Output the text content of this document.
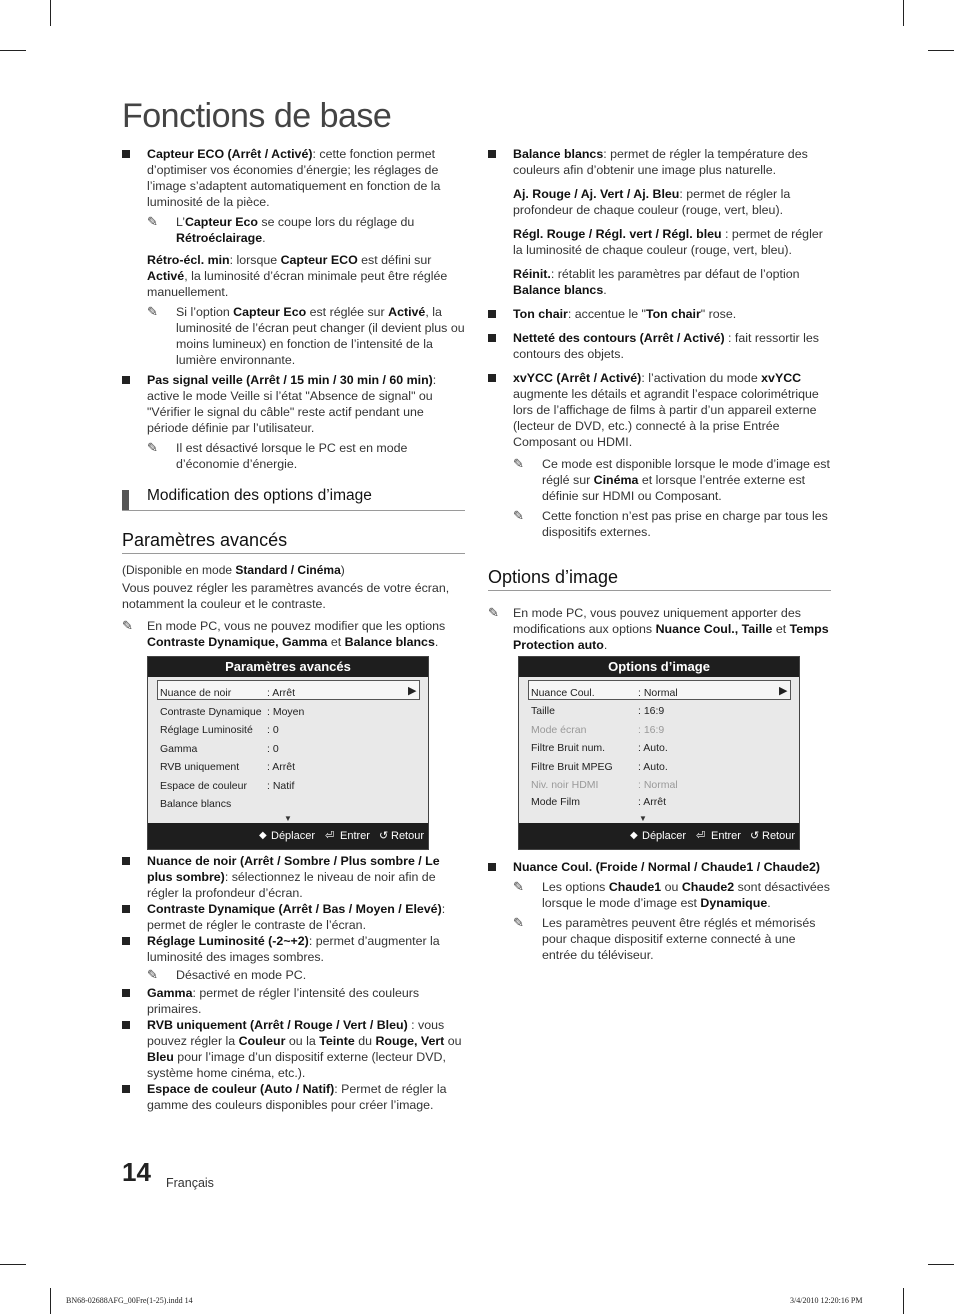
Fonctions de base
Capteur ECO (Arrêt / Activé): cette fonction permet d’optimiser vos économies d’énergie; les réglages de l’image s’adaptent automatiquement en fonction de la luminosité de la pièce.
✎ L’Capteur Eco se coupe lors du réglage du Rétroéclairage.

Rétro-écl. min: lorsque Capteur ECO est défini sur Activé, la luminosité d’écran minimale peut être réglée manuellement.

✎ Si l’option Capteur Eco est réglée sur Activé, la luminosité de l’écran peut changer (il devient plus ou moins lumineux) en fonction de l’intensité de la lumière environnante.
Pas signal veille (Arrêt / 15 min / 30 min / 60 min): active le mode Veille si l’état "Absence de signal" ou "Vérifier le signal du câble" reste actif pendant une période définie par l’utilisateur.
✎ Il est désactivé lorsque le PC est en mode d’économie d’énergie.
Modification des options d’image
Paramètres avancés

(Disponible en mode Standard / Cinéma)

Vous pouvez régler les paramètres avancés de votre écran, notamment la couleur et le contraste.

✎ En mode PC, vous ne pouvez modifier que les options Contraste Dynamique, Gamma et Balance blancs.
Paramètres avancés
Nuance de noir	: Arrêt	▶
Contraste Dynamique : Moyen
Réglage Luminosité : 0
Gamma	: 0
RVB uniquement	: Arrêt
Espace de couleur : Natif
Balance blancs
▼
◆ Déplacer ⏎ Entrer ↺ Retour
Nuance de noir (Arrêt / Sombre / Plus sombre / Le plus sombre): sélectionnez le niveau de noir afin de régler la profondeur d’écran.
Contraste Dynamique (Arrêt / Bas / Moyen / Elevé): permet de régler le contraste de l’écran.
Réglage Luminosité (-2~+2): permet d’augmenter la luminosité des images sombres.
✎ Désactivé en mode PC.
Gamma: permet de régler l’intensité des couleurs primaires.
RVB uniquement (Arrêt / Rouge / Vert / Bleu) : vous pouvez régler la Couleur ou la Teinte du Rouge, Vert ou Bleu pour l’image d’un dispositif externe (lecteur DVD, système home cinéma, etc.).
Espace de couleur (Auto / Natif): Permet de régler la gamme des couleurs disponibles pour créer l’image.
Balance blancs: permet de régler la température des couleurs afin d’obtenir une image plus naturelle.

Aj. Rouge / Aj. Vert / Aj. Bleu: permet de régler la profondeur de chaque couleur (rouge, vert, bleu).

Régl. Rouge / Régl. vert / Régl. bleu : permet de régler la luminosité de chaque couleur (rouge, vert, bleu).

Réinit.: rétablit les paramètres par défaut de l’option Balance blancs.

Ton chair: accentue le "Ton chair" rose.
Netteté des contours (Arrêt / Activé) : fait ressortir les contours des objets.
xvYCC (Arrêt / Activé): l’activation du mode xvYCC augmente les détails et agrandit l’espace colorimétrique lors de l’affichage de films à partir d’un appareil externe (lecteur de DVD, etc.) connecté à la prise Entrée Composant ou HDMI.
✎ Ce mode est disponible lorsque le mode d’image est réglé sur Cinéma et lorsque l’entrée externe est définie sur HDMI ou Composant.
✎ Cette fonction n’est pas prise en charge par tous les dispositifs externes.
Options d’image
✎ En mode PC, vous pouvez uniquement apporter des modifications aux options Nuance Coul., Taille et Temps Protection auto.
Options d’image
Nuance Coul.	: Normal	▶
Taille	: 16:9
Mode écran	: 16:9
Filtre Bruit num.	: Auto.
Filtre Bruit MPEG : Auto.
Niv. noir HDMI	: Normal
Mode Film	: Arrêt
▼
◆ Déplacer ⏎ Entrer ↺ Retour
Nuance Coul. (Froide / Normal / Chaude1 / Chaude2)
✎ Les options Chaude1 ou Chaude2 sont désactivées lorsque le mode d’image est Dynamique.
✎ Les paramètres peuvent être réglés et mémorisés pour chaque dispositif externe connecté à une entrée du téléviseur.
14 Français
BN68-02688AFG_00Fre(1-25).indd 14	3/4/2010 12:20:16 PM
